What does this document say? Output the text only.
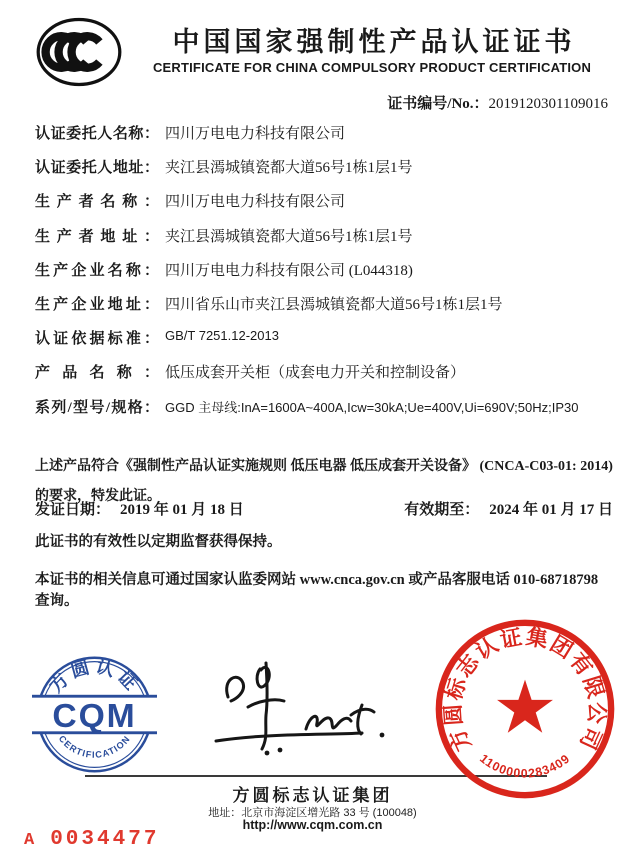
中国国家强制性产品认证证书
CERTIFICATE FOR CHINA COMPULSORY PRODUCT CERTIFICATION
证书编号/No.：2019120301109016
认证委托人名称： 四川万电电力科技有限公司
认证委托人地址： 夹江县漹城镇瓷都大道56号1栋1层1号
生产者名称： 四川万电电力科技有限公司
生产者地址： 夹江县漹城镇瓷都大道56号1栋1层1号
生产企业名称： 四川万电电力科技有限公司 (L044318)
生产企业地址： 四川省乐山市夹江县漹城镇瓷都大道56号1栋1层1号
认证依据标准： GB/T 7251.12-2013
产品名称： 低压成套开关柜（成套电力开关和控制设备）
系列/型号/规格： GGD 主母线:InA=1600A~400A,Icw=30kA;Ue=400V,Ui=690V;50Hz;IP30
上述产品符合《强制性产品认证实施规则 低压电器 低压成套开关设备》 (CNCA-C03-01: 2014)的要求，特发此证。
发证日期： 2019 年 01 月 18 日	有效期至： 2024 年 01 月 17 日
此证书的有效性以定期监督获得保持。
本证书的相关信息可通过国家认监委网站 www.cnca.gov.cn 或产品客服电话 010-68718798 查询。
方圆认证
CERTIFICATION
CQM
方圆标志认证集团有限公司
1100000283409
方圆标志认证集团
地址：北京市海淀区增光路 33 号 (100048)
http://www.cqm.com.cn
A 0034477
